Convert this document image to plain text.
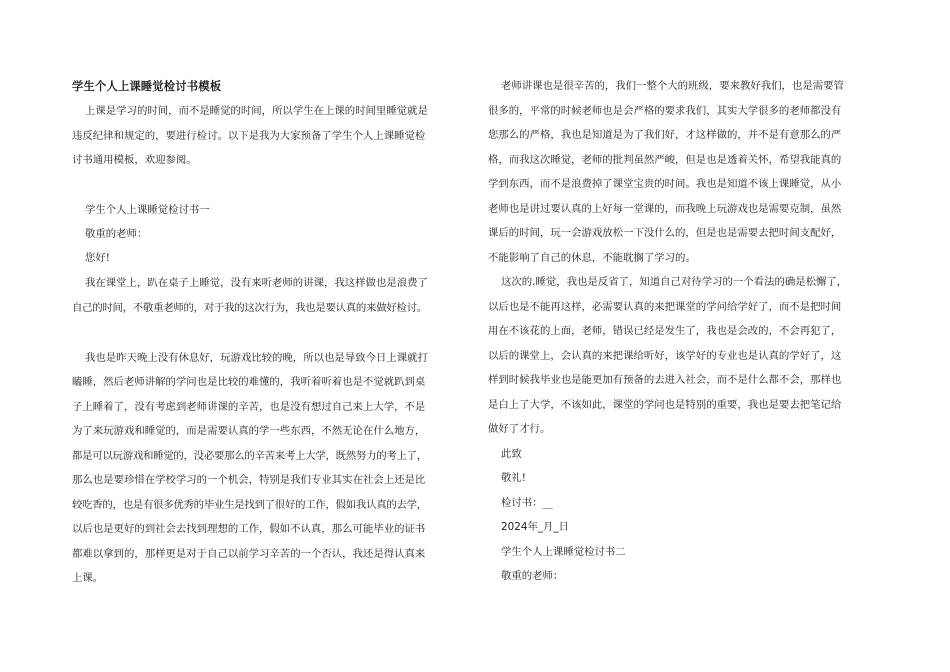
学生个人上课睡觉检讨书模板
上课是学习的时间，而不是睡觉的时间，所以学生在上课的时间里睡觉就是
违反纪律和规定的，要进行检讨。以下是我为大家预备了学生个人上课睡觉检
讨书通用模板，欢迎参阅。
学生个人上课睡觉检讨书一
敬重的老师：
您好!
我在课堂上，趴在桌子上睡觉，没有来听老师的讲课，我这样做也是浪费了
自己的时间，不敬重老师的，对于我的这次行为，我也是要认真的来做好检讨。
我也是昨天晚上没有休息好，玩游戏比较的晚，所以也是导致今日上课就打
瞌睡，然后老师讲解的学问也是比较的难懂的，我听着听着也是不觉就趴到桌
子上睡着了，没有考虑到老师讲课的辛苦，也是没有想过自己来上大学，不是
为了来玩游戏和睡觉的，而是需要认真的学一些东西，不然无论在什么地方，
都是可以玩游戏和睡觉的，没必要那么的辛苦来考上大学，既然努力的考上了，
那么也是要珍惜在学校学习的一个机会，特别是我们专业其实在社会上还是比
较吃香的，也是有很多优秀的毕业生是找到了很好的工作，假如我认真的去学，
以后也是更好的到社会去找到理想的工作，假如不认真，那么可能毕业的证书
都难以拿到的，那样更是对于自己以前学习辛苦的一个否认，我还是得认真来
上课。
老师讲课也是很辛苦的，我们一整个大的班级，要来教好我们，也是需要管
很多的，平常的时候老师也是会严格的要求我们，其实大学很多的老师都没有
您那么的严格，我也是知道是为了我们好，才这样做的，并不是有意那么的严
格，而我这次睡觉，老师的批判虽然严峻，但是也是透着关怀，希望我能真的
学到东西，而不是浪费掉了课堂宝贵的时间。我也是知道不该上课睡觉，从小
老师也是讲过要认真的上好每一堂课的，而我晚上玩游戏也是需要克制，虽然
课后的时间，玩一会游戏放松一下没什么的，但是也是需要去把时间支配好，
不能影响了自己的休息，不能耽搁了学习的。
这次的.睡觉，我也是反省了，知道自己对待学习的一个看法的确是松懈了，
以后也是不能再这样，必需要认真的来把课堂的学问给学好了，而不是把时间
用在不该花的上面，老师，错误已经是发生了，我也是会改的，不会再犯了，
以后的课堂上，会认真的来把课给听好，该学好的专业也是认真的学好了，这
样到时候我毕业也是能更加有预备的去进入社会，而不是什么都不会，那样也
是白上了大学，不该如此，课堂的学问也是特别的重要，我也是要去把笔记给
做好了才行。
此致
敬礼!
检讨书：__
2024年_月_日
学生个人上课睡觉检讨书二
敬重的老师：
